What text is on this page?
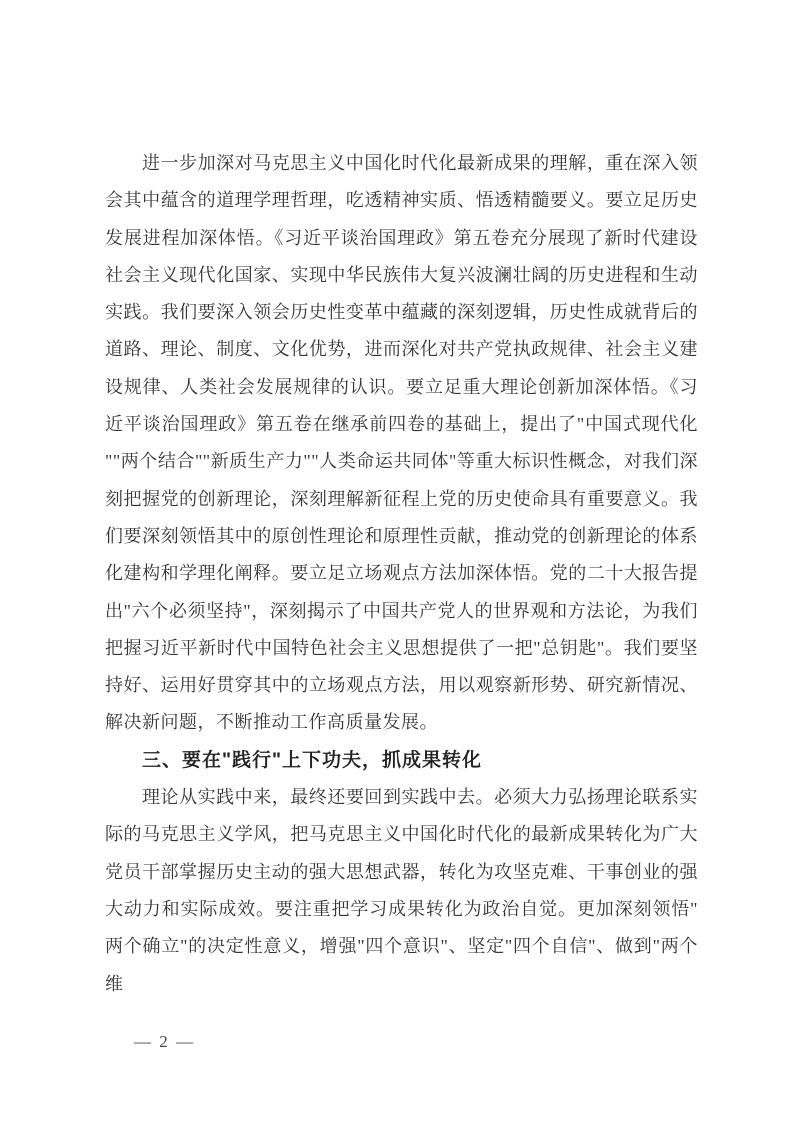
进一步加深对马克思主义中国化时代化最新成果的理解，重在深入领
会其中蕴含的道理学理哲理，吃透精神实质、悟透精髓要义。要立足历史
发展进程加深体悟。《习近平谈治国理政》第五卷充分展现了新时代建设
社会主义现代化国家、实现中华民族伟大复兴波澜壮阔的历史进程和生动
实践。我们要深入领会历史性变革中蕴藏的深刻逻辑，历史性成就背后的
道路、理论、制度、文化优势，进而深化对共产党执政规律、社会主义建
设规律、人类社会发展规律的认识。要立足重大理论创新加深体悟。《习
近平谈治国理政》第五卷在继承前四卷的基础上，提出了"中国式现代化
""两个结合""新质生产力""人类命运共同体"等重大标识性概念，对我们深
刻把握党的创新理论，深刻理解新征程上党的历史使命具有重要意义。我
们要深刻领悟其中的原创性理论和原理性贡献，推动党的创新理论的体系
化建构和学理化阐释。要立足立场观点方法加深体悟。党的二十大报告提
出"六个必须坚持"，深刻揭示了中国共产党人的世界观和方法论，为我们
把握习近平新时代中国特色社会主义思想提供了一把"总钥匙"。我们要坚
持好、运用好贯穿其中的立场观点方法，用以观察新形势、研究新情况、
解决新问题，不断推动工作高质量发展。
三、要在"践行"上下功夫，抓成果转化
理论从实践中来，最终还要回到实践中去。必须大力弘扬理论联系实
际的马克思主义学风，把马克思主义中国化时代化的最新成果转化为广大
党员干部掌握历史主动的强大思想武器，转化为攻坚克难、干事创业的强
大动力和实际成效。要注重把学习成果转化为政治自觉。更加深刻领悟"
两个确立"的决定性意义，增强"四个意识"、坚定"四个自信"、做到"两个维
— 2 —
